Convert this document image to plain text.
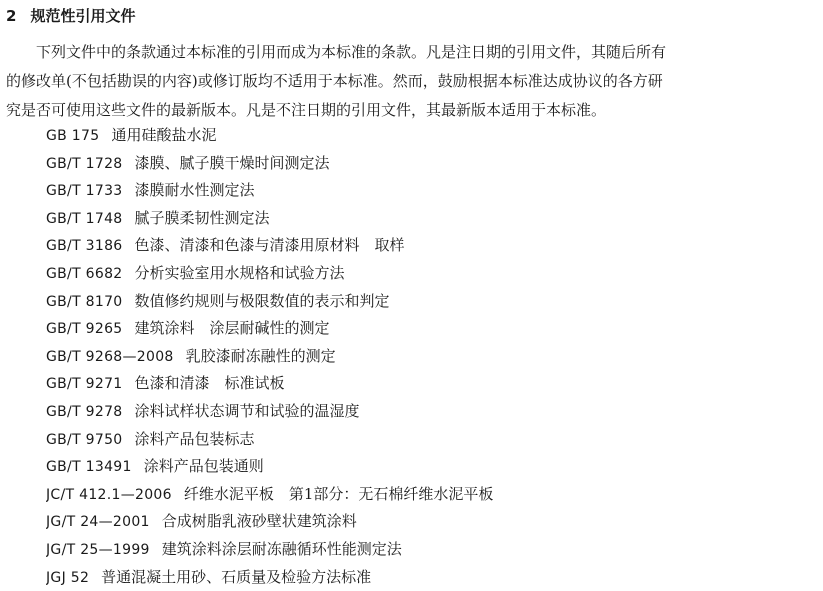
2 规范性引用文件
下列文件中的条款通过本标准的引用而成为本标准的条款。凡是注日期的引用文件，其随后所有
的修改单(不包括勘误的内容)或修订版均不适用于本标准。然而，鼓励根据本标准达成协议的各方研
究是否可使用这些文件的最新版本。凡是不注日期的引用文件，其最新版本适用于本标准。
GB 175 通用硅酸盐水泥
GB/T 1728 漆膜、腻子膜干燥时间测定法
GB/T 1733 漆膜耐水性测定法
GB/T 1748 腻子膜柔韧性测定法
GB/T 3186 色漆、清漆和色漆与清漆用原材料　取样
GB/T 6682 分析实验室用水规格和试验方法
GB/T 8170 数值修约规则与极限数值的表示和判定
GB/T 9265 建筑涂料　涂层耐碱性的测定
GB/T 9268—2008 乳胶漆耐冻融性的测定
GB/T 9271 色漆和清漆　标准试板
GB/T 9278 涂料试样状态调节和试验的温湿度
GB/T 9750 涂料产品包装标志
GB/T 13491 涂料产品包装通则
JC/T 412.1—2006 纤维水泥平板　第1部分：无石棉纤维水泥平板
JG/T 24—2001 合成树脂乳液砂壁状建筑涂料
JG/T 25—1999 建筑涂料涂层耐冻融循环性能测定法
JGJ 52 普通混凝土用砂、石质量及检验方法标准
